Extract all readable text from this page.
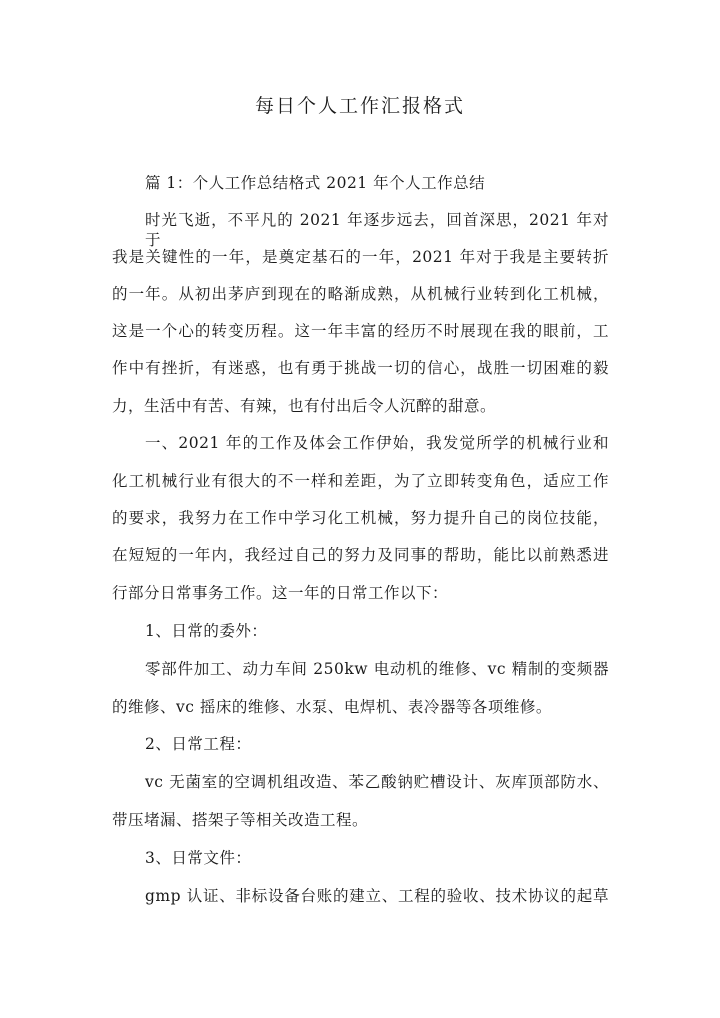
每日个人工作汇报格式
篇 1：个人工作总结格式 2021 年个人工作总结
时光飞逝，不平凡的 2021 年逐步远去，回首深思，2021 年对于
我是关键性的一年，是奠定基石的一年，2021 年对于我是主要转折
的一年。从初出茅庐到现在的略渐成熟，从机械行业转到化工机械，
这是一个心的转变历程。这一年丰富的经历不时展现在我的眼前，工
作中有挫折，有迷惑，也有勇于挑战一切的信心，战胜一切困难的毅
力，生活中有苦、有辣，也有付出后令人沉醉的甜意。
一、2021 年的工作及体会工作伊始，我发觉所学的机械行业和
化工机械行业有很大的不一样和差距，为了立即转变角色，适应工作
的要求，我努力在工作中学习化工机械，努力提升自己的岗位技能，
在短短的一年内，我经过自己的努力及同事的帮助，能比以前熟悉进
行部分日常事务工作。这一年的日常工作以下：
1、日常的委外：
零部件加工、动力车间 250kw 电动机的维修、vc 精制的变频器
的维修、vc 摇床的维修、水泵、电焊机、表冷器等各项维修。
2、日常工程：
vc 无菌室的空调机组改造、苯乙酸钠贮槽设计、灰库顶部防水、
带压堵漏、搭架子等相关改造工程。
3、日常文件：
gmp 认证、非标设备台账的建立、工程的验收、技术协议的起草
